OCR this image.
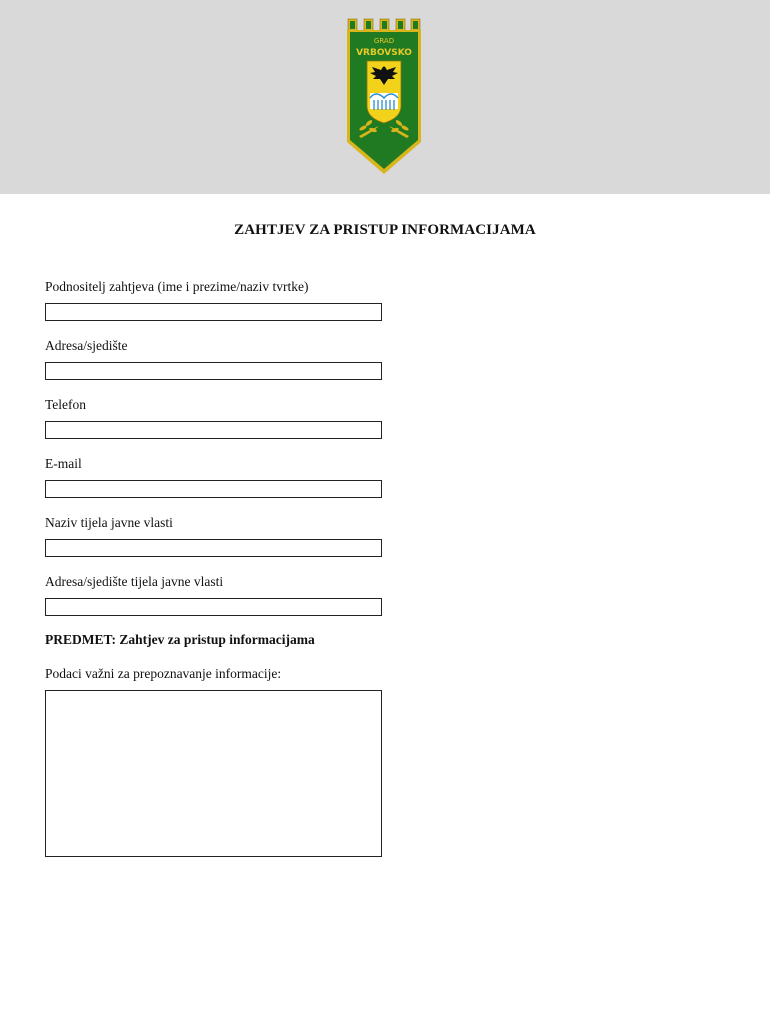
GRAD
VRBOVSKO
ZAHTJEV ZA PRISTUP INFORMACIJAMA
Podnositelj zahtjeva (ime i prezime/naziv tvrtke)
Adresa/sjedište
Telefon
E-mail
Naziv tijela javne vlasti
Adresa/sjedište tijela javne vlasti
PREDMET: Zahtjev za pristup informacijama
Podaci važni za prepoznavanje informacije:
